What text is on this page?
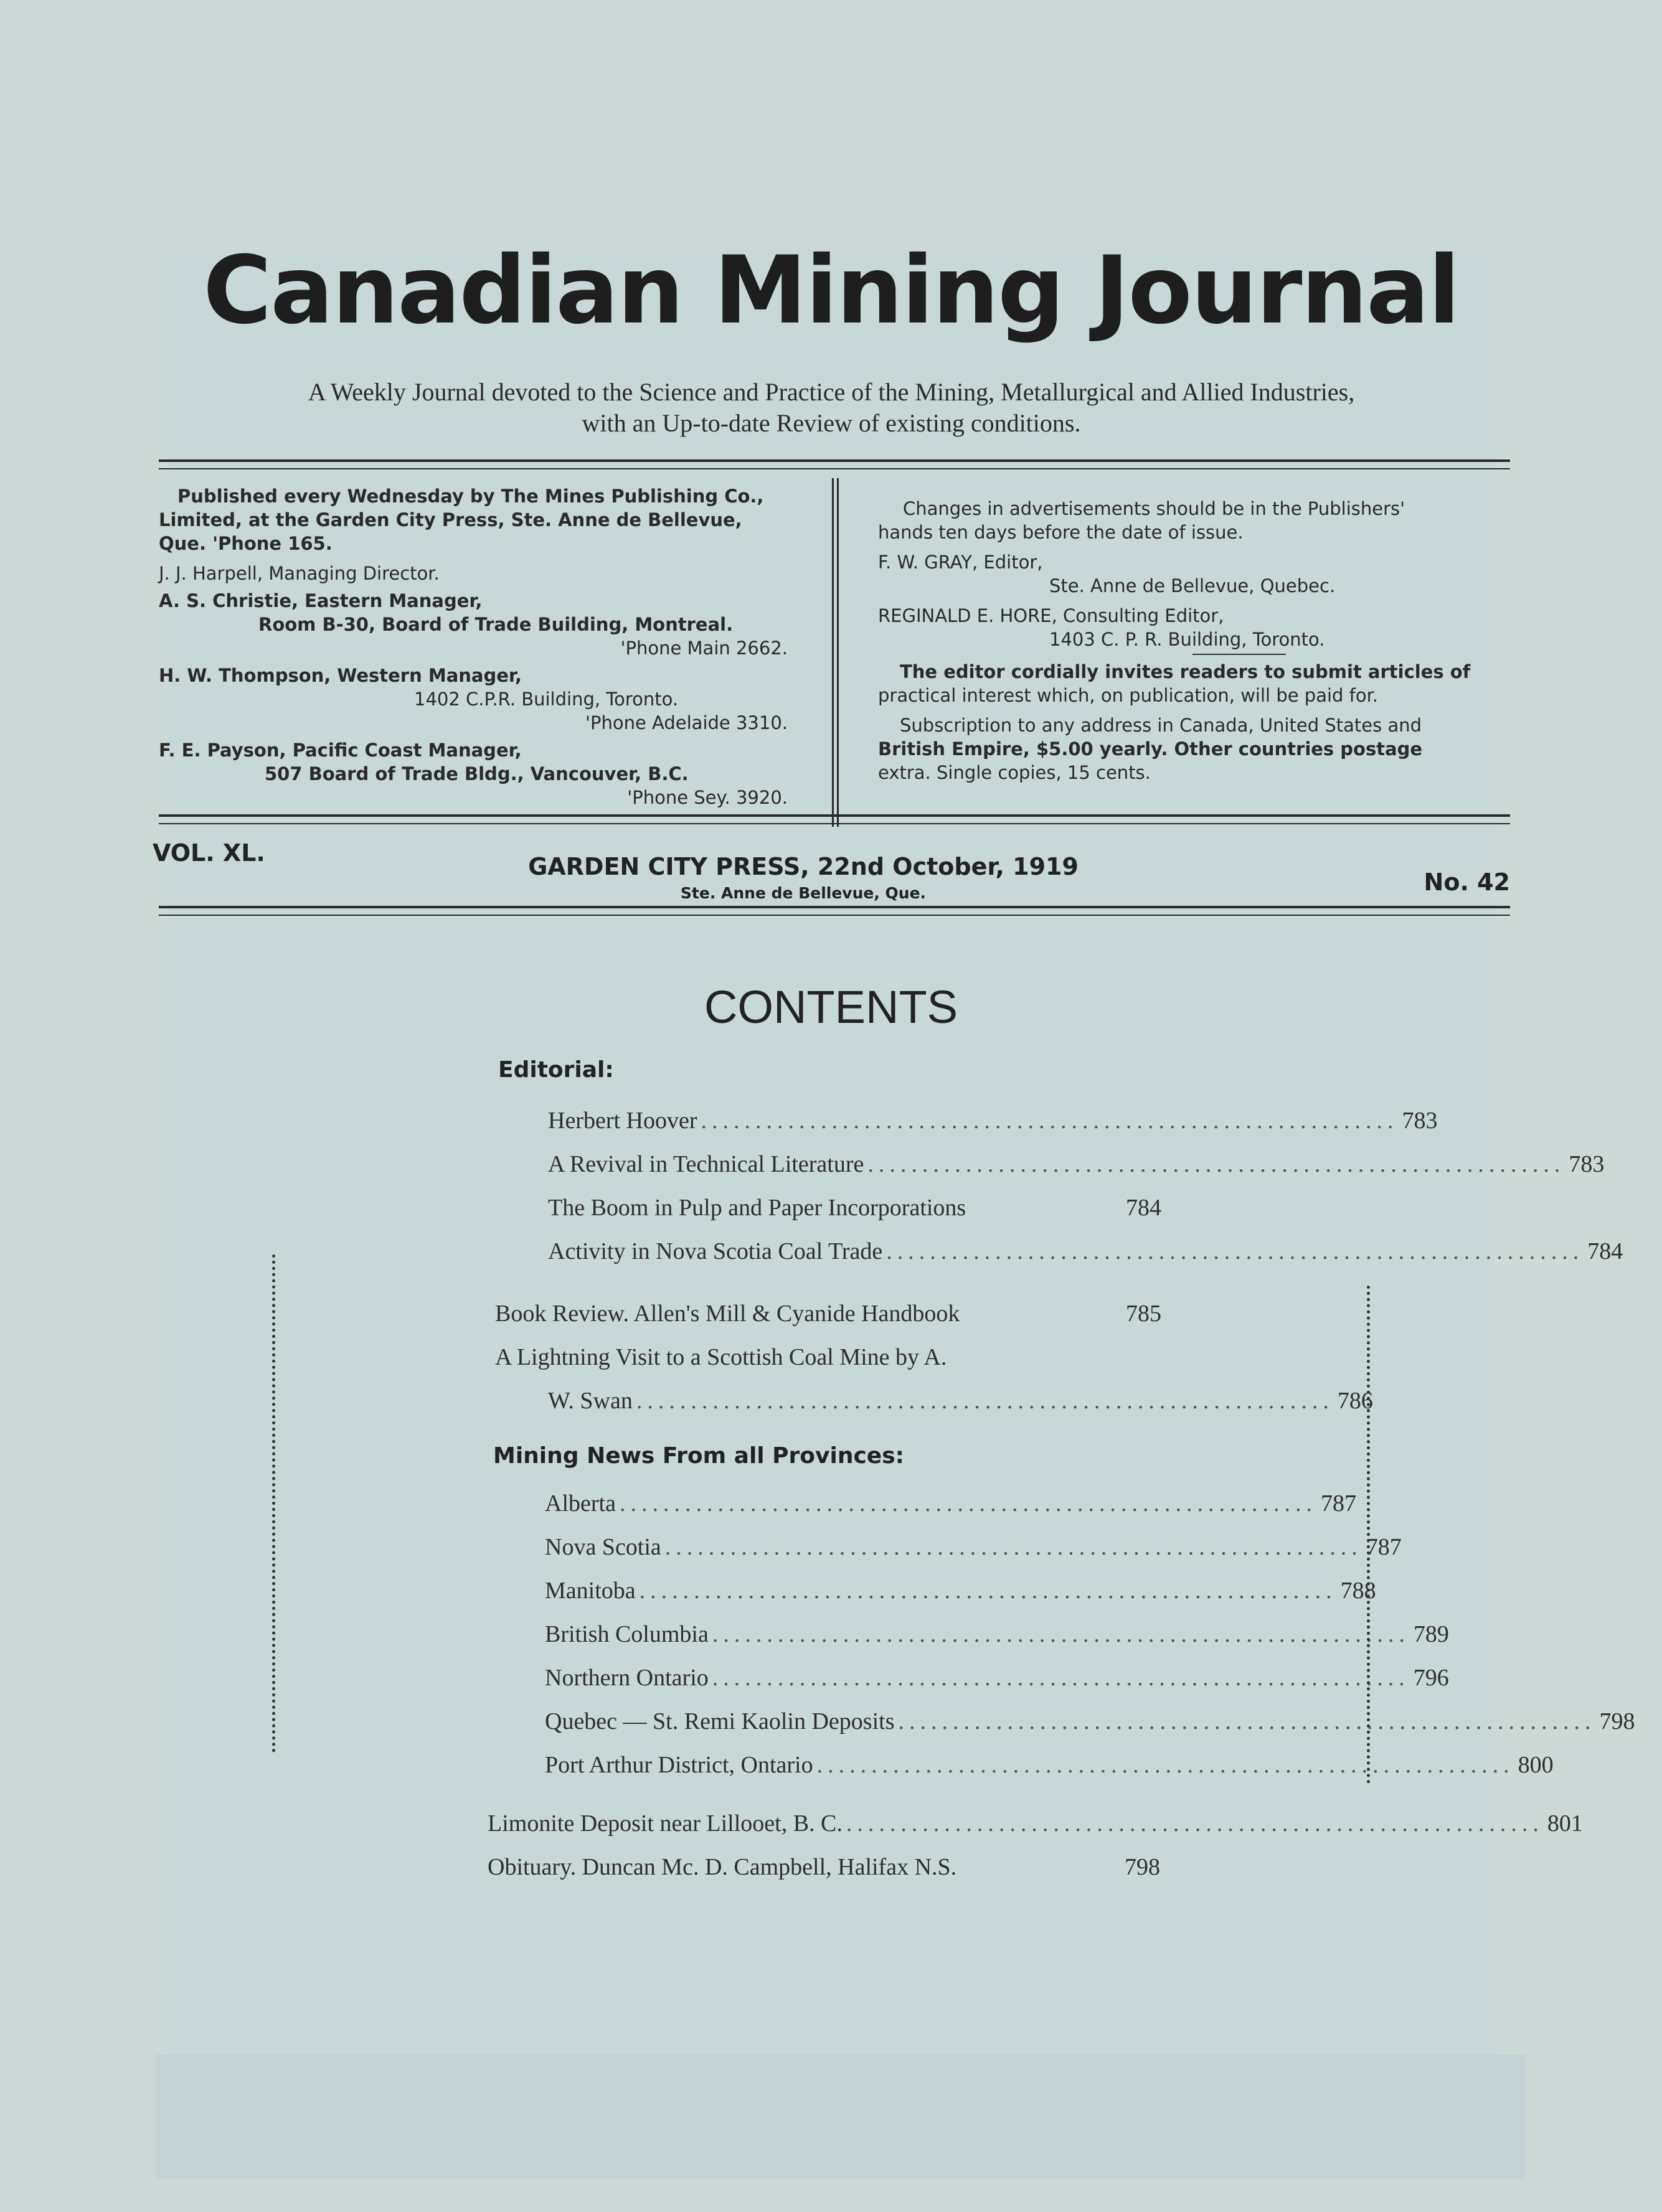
Canadian Mining Journal
A Weekly Journal devoted to the Science and Practice of the Mining, Metallurgical and Allied Industries,
with an Up-to-date Review of existing conditions.

Published every Wednesday by The Mines Publishing Co.,

Limited, at the Garden City Press, Ste. Anne de Bellevue,

Que. 'Phone 165.

J. J. Harpell, Managing Director.

A. S. Christie, Eastern Manager,

Room B-30, Board of Trade Building, Montreal.

'Phone Main 2662.

H. W. Thompson, Western Manager,

1402 C.P.R. Building, Toronto.

'Phone Adelaide 3310.

F. E. Payson, Pacific Coast Manager,

507 Board of Trade Bldg., Vancouver, B.C.

'Phone Sey. 3920.

Changes in advertisements should be in the Publishers'

hands ten days before the date of issue.

F. W. GRAY, Editor,

Ste. Anne de Bellevue, Quebec.

REGINALD E. HORE, Consulting Editor,

1403 C. P. R. Building, Toronto.

The editor cordially invites readers to submit articles of

practical interest which, on publication, will be paid for.

Subscription to any address in Canada, United States and

British Empire, $5.00 yearly. Other countries postage

extra. Single copies, 15 cents.

VOL. XL.	GARDEN CITY PRESS, 22nd October, 1919
Ste. Anne de Bellevue, Que.	No. 42
CONTENTS
Editorial:
Herbert Hoover ................................................................ 783
A Revival in Technical Literature ................................................................ 783
The Boom in Pulp and Paper Incorporations	784
Activity in Nova Scotia Coal Trade ................................................................ 784
Book Review. Allen's Mill & Cyanide Handbook	785
A Lightning Visit to a Scottish Coal Mine by A.
W. Swan ................................................................ 786
Mining News From all Provinces:
Alberta ................................................................ 787
Nova Scotia ................................................................ 787
Manitoba ................................................................ 788
British Columbia ................................................................ 789
Northern Ontario ................................................................ 796
Quebec — St. Remi Kaolin Deposits ................................................................ 798
Port Arthur District, Ontario ................................................................ 800
Limonite Deposit near Lillooet, B. C. ................................................................ 801
Obituary. Duncan Mc. D. Campbell, Halifax N.S.	798
